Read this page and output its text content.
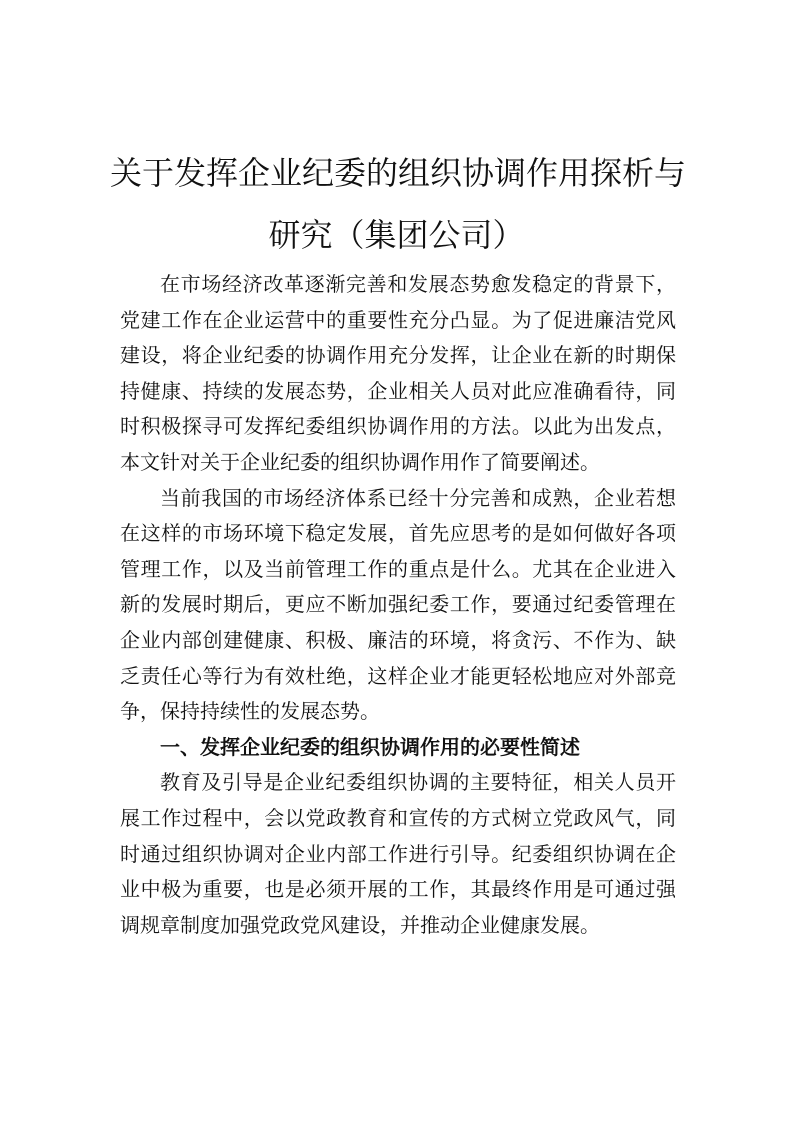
关于发挥企业纪委的组织协调作用探析与
研究（集团公司）

在市场经济改革逐渐完善和发展态势愈发稳定的背景下，党建工作在企业运营中的重要性充分凸显。为了促进廉洁党风建设，将企业纪委的协调作用充分发挥，让企业在新的时期保持健康、持续的发展态势，企业相关人员对此应准确看待，同时积极探寻可发挥纪委组织协调作用的方法。以此为出发点，本文针对关于企业纪委的组织协调作用作了简要阐述。

当前我国的市场经济体系已经十分完善和成熟，企业若想在这样的市场环境下稳定发展，首先应思考的是如何做好各项管理工作，以及当前管理工作的重点是什么。尤其在企业进入新的发展时期后，更应不断加强纪委工作，要通过纪委管理在企业内部创建健康、积极、廉洁的环境，将贪污、不作为、缺乏责任心等行为有效杜绝，这样企业才能更轻松地应对外部竞争，保持持续性的发展态势。

一、发挥企业纪委的组织协调作用的必要性简述

教育及引导是企业纪委组织协调的主要特征，相关人员开展工作过程中，会以党政教育和宣传的方式树立党政风气，同时通过组织协调对企业内部工作进行引导。纪委组织协调在企业中极为重要，也是必须开展的工作，其最终作用是可通过强调规章制度加强党政党风建设，并推动企业健康发展。
